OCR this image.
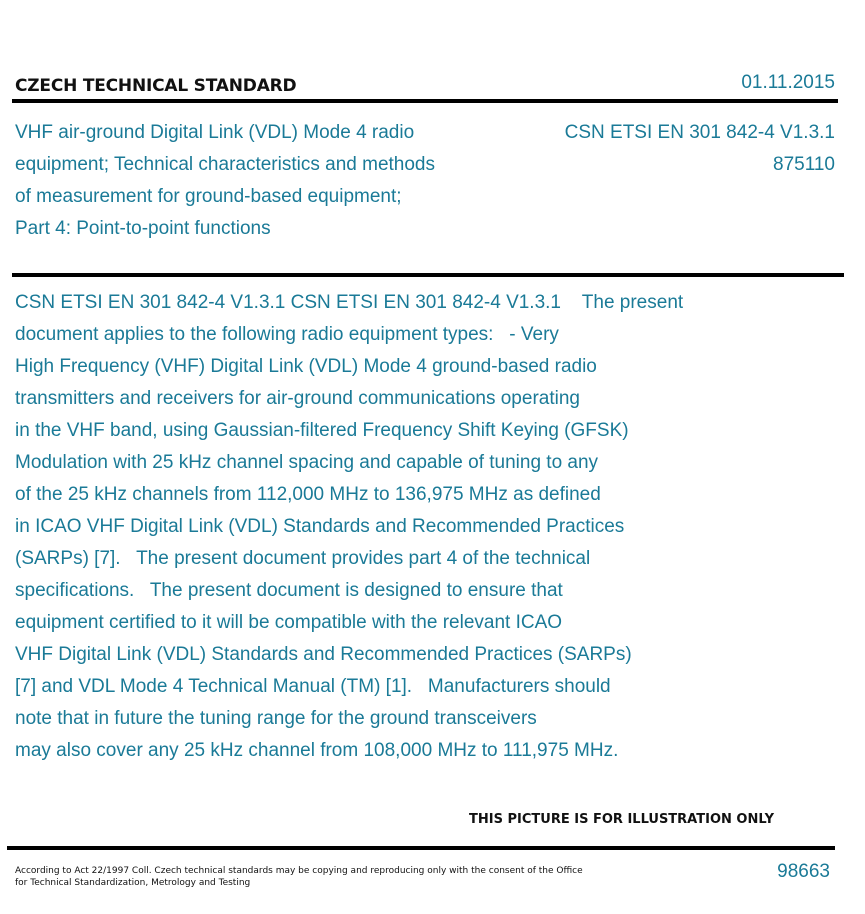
CZECH TECHNICAL STANDARD	01.11.2015
VHF air-ground Digital Link (VDL) Mode 4 radio
equipment; Technical characteristics and methods
of measurement for ground-based equipment;
Part 4: Point-to-point functions
CSN ETSI EN 301 842-4 V1.3.1
875110
CSN ETSI EN 301 842-4 V1.3.1 CSN ETSI EN 301 842-4 V1.3.1    The present
document applies to the following radio equipment types:   - Very
High Frequency (VHF) Digital Link (VDL) Mode 4 ground-based radio
transmitters and receivers for air-ground communications operating
in the VHF band, using Gaussian-filtered Frequency Shift Keying (GFSK)
Modulation with 25 kHz channel spacing and capable of tuning to any
of the 25 kHz channels from 112,000 MHz to 136,975 MHz as defined
in ICAO VHF Digital Link (VDL) Standards and Recommended Practices
(SARPs) [7].   The present document provides part 4 of the technical
specifications.   The present document is designed to ensure that
equipment certified to it will be compatible with the relevant ICAO
VHF Digital Link (VDL) Standards and Recommended Practices (SARPs)
[7] and VDL Mode 4 Technical Manual (TM) [1].   Manufacturers should
note that in future the tuning range for the ground transceivers
may also cover any 25 kHz channel from 108,000 MHz to 111,975 MHz.
THIS PICTURE IS FOR ILLUSTRATION ONLY
According to Act 22/1997 Coll. Czech technical standards may be copying and reproducing only with the consent of the Office
for Technical Standardization, Metrology and Testing
98663
